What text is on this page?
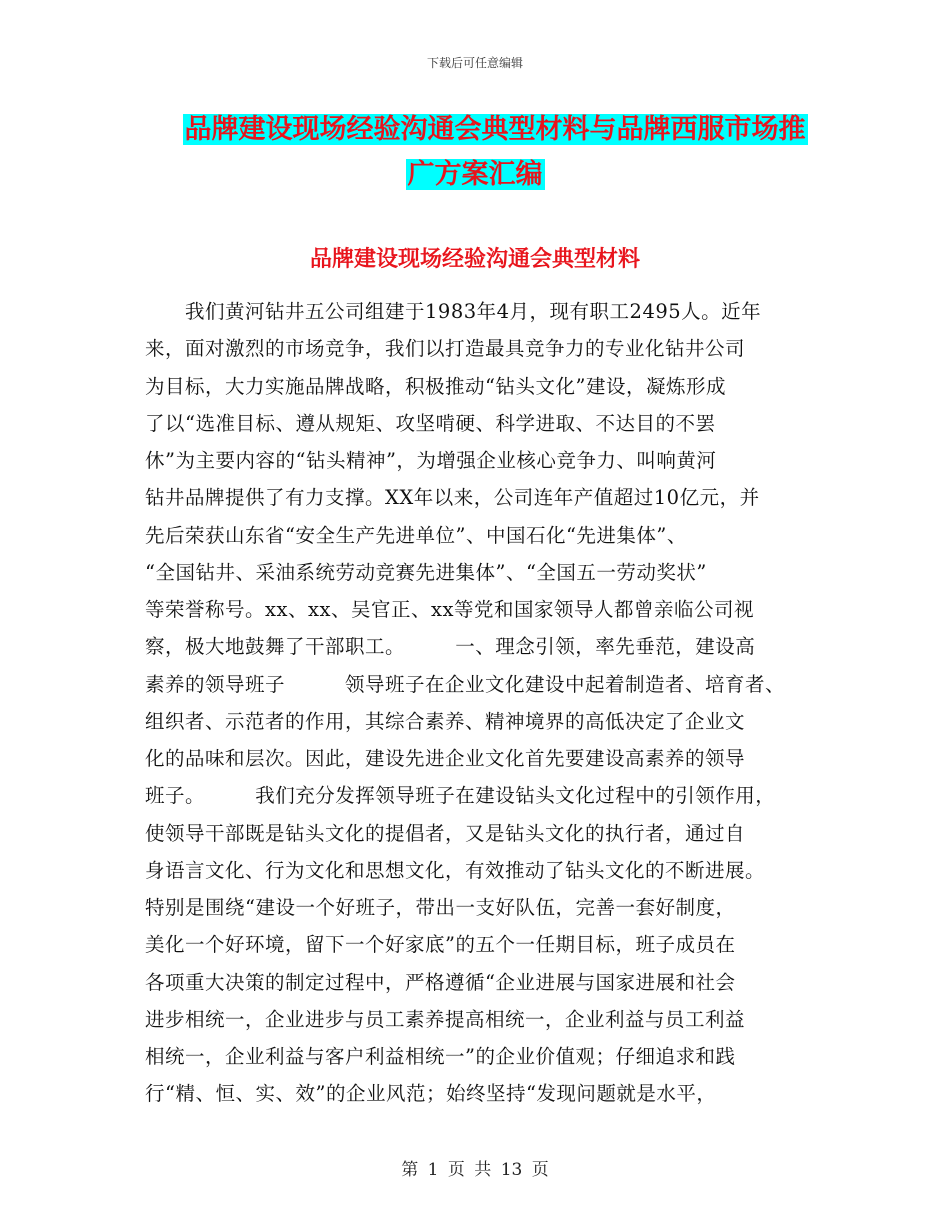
下载后可任意编辑
品牌建设现场经验沟通会典型材料与品牌西服市场推
广方案汇编
品牌建设现场经验沟通会典型材料
　　我们黄河钻井五公司组建于1983年4月，现有职工2495人。近年
来，面对激烈的市场竞争，我们以打造最具竞争力的专业化钻井公司
为目标，大力实施品牌战略，积极推动“钻头文化”建设，凝炼形成
了以“选准目标、遵从规矩、攻坚啃硬、科学进取、不达目的不罢
休”为主要内容的“钻头精神”，为增强企业核心竞争力、叫响黄河
钻井品牌提供了有力支撑。XX年以来，公司连年产值超过10亿元，并
先后荣获山东省“安全生产先进单位”、中国石化“先进集体”、
“全国钻井、采油系统劳动竞赛先进集体”、“全国五一劳动奖状”
等荣誉称号。xx、xx、吴官正、xx等党和国家领导人都曾亲临公司视
察，极大地鼓舞了干部职工。　　　一、理念引领，率先垂范，建设高
素养的领导班子　　　领导班子在企业文化建设中起着制造者、培育者、
组织者、示范者的作用，其综合素养、精神境界的高低决定了企业文
化的品味和层次。因此，建设先进企业文化首先要建设高素养的领导
班子。　　　我们充分发挥领导班子在建设钻头文化过程中的引领作用，
使领导干部既是钻头文化的提倡者，又是钻头文化的执行者，通过自
身语言文化、行为文化和思想文化，有效推动了钻头文化的不断进展。
特别是围绕“建设一个好班子，带出一支好队伍，完善一套好制度，
美化一个好环境，留下一个好家底”的五个一任期目标，班子成员在
各项重大决策的制定过程中，严格遵循“企业进展与国家进展和社会
进步相统一，企业进步与员工素养提高相统一，企业利益与员工利益
相统一，企业利益与客户利益相统一”的企业价值观；仔细追求和践
行“精、恒、实、效”的企业风范；始终坚持“发现问题就是水平，
第 1 页 共 13 页
